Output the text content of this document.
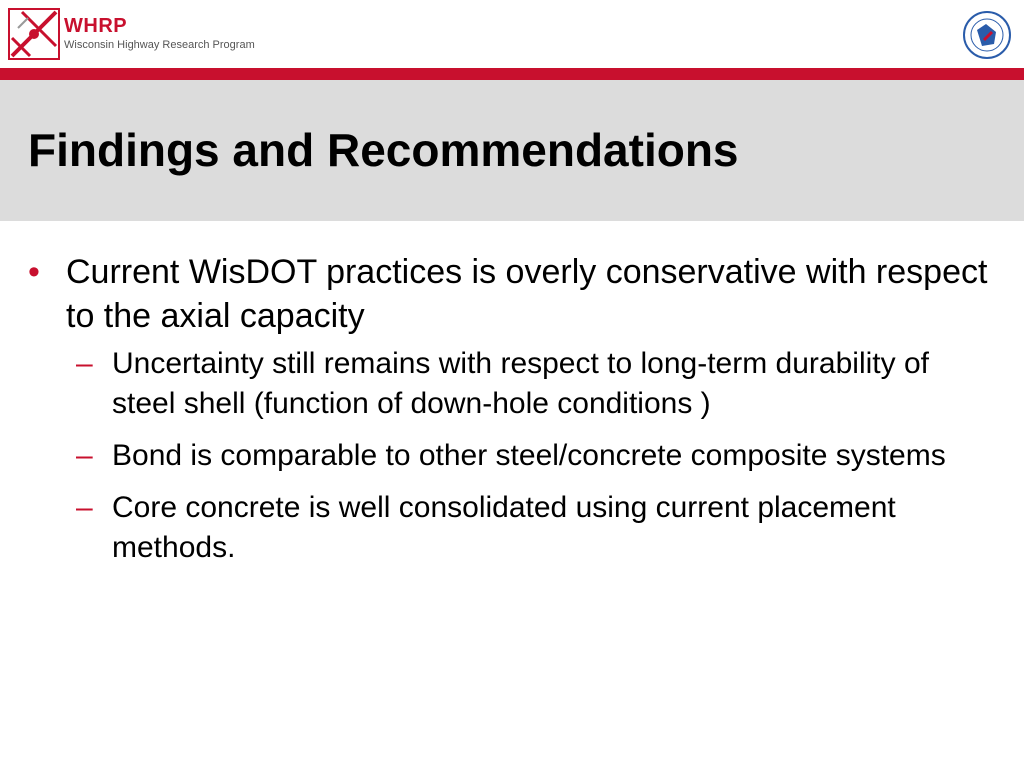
WHRP
Wisconsin Highway Research Program
Findings and Recommendations
• Current WisDOT practices is overly conservative with respect to the axial capacity
– Uncertainty still remains with respect to long-term durability of steel shell (function of down-hole conditions )
– Bond is comparable to other steel/concrete composite systems
– Core concrete is well consolidated using current placement methods.
